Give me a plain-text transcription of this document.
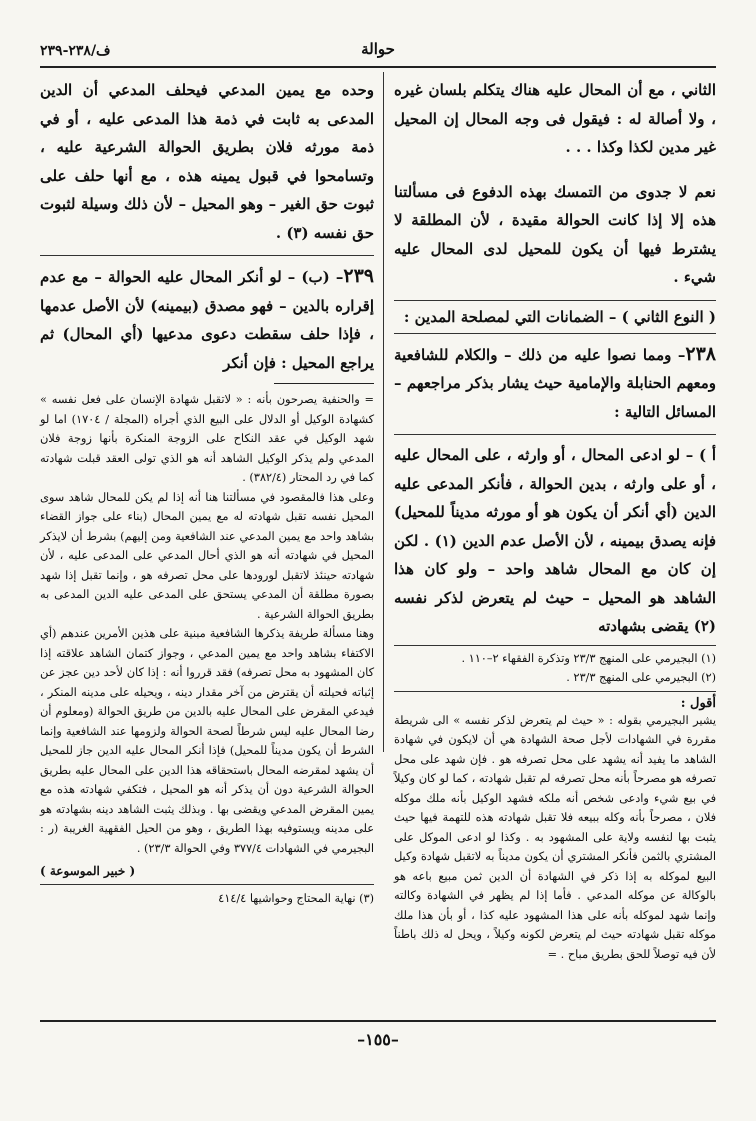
حوالة
ف/٢٣٨-٢٣٩

الثاني ، مع أن المحال عليه هناك يتكلم بلسان غيره ، ولا أصالة له : فيقول فى وجه المحال إن المحيل غير مدين لكذا وكذا . . .

نعم لا جدوى من التمسك بهذه الدفوع فى مسألتنا هذه إلا إذا كانت الحوالة مقيدة ، لأن المطلقة لا يشترط فيها أن يكون للمحيل لدى المحال عليه شيء .

( النوع الثاني ) – الضمانات التي لمصلحة المدين :

٢٣٨– ومما نصوا عليه من ذلك – والكلام للشافعية ومعهم الحنابلة والإمامية حيث يشار بذكر مراجعهم – المسائل التالية :

أ ) – لو ادعى المحال ، أو وارثه ، على المحال عليه ، أو على وارثه ، بدين الحوالة ، فأنكر المدعى عليه الدين (أي أنكر أن يكون هو أو مورثه مديناً للمحيل) فإنه يصدق بيمينه ، لأن الأصل عدم الدين (١) . لكن إن كان مع المحال شاهد واحد – ولو كان هذا الشاهد هو المحيل – حيث لم يتعرض لذكر نفسه (٢) يقضى بشهادته

(١) البجيرمي على المنهج ٢٣/٣ وتذكرة الفقهاء ٢–١١٠ .

(٢) البجيرمي على المنهج ٢٣/٣ .

أقول :

يشير البجيرمي بقوله : « حيث لم يتعرض لذكر نفسه » الى شريطة مقررة في الشهادات لأجل صحة الشهادة هي أن لايكون في شهادة الشاهد ما يفيد أنه يشهد على محل تصرفه هو . فإن شهد على محل تصرفه هو مصرحاً بأنه محل تصرفه لم تقبل شهادته ، كما لو كان وكيلاً في بيع شيء وادعى شخص أنه ملكه فشهد الوكيل بأنه ملك موكله فلان ، مصرحاً بأنه وكله ببيعه فلا تقبل شهادته هذه للتهمة فيها حيث يثبت بها لنفسه ولاية على المشهود به . وكذا لو ادعى الموكل على المشتري بالثمن فأنكر المشتري أن يكون مديناً به لاتقبل شهادة وكيل البيع لموكله به إذا ذكر في الشهادة أن الدين ثمن مبيع باعه هو بالوكالة عن موكله المدعي . فأما إذا لم يظهر في الشهادة وكالته وإنما شهد لموكله بأنه على هذا المشهود عليه كذا ، أو بأن هذا ملك موكله تقبل شهادته حيث لم يتعرض لكونه وكيلاً ، ويحل له ذلك باطناً لأن فيه توصلاً للحق بطريق مباح . =

وحده مع يمين المدعي فيحلف المدعي أن الدين المدعى به ثابت في ذمة هذا المدعى عليه ، أو في ذمة مورثه فلان بطريق الحوالة الشرعية عليه ، وتسامحوا في قبول يمينه هذه ، مع أنها حلف على ثبوت حق الغير – وهو المحيل – لأن ذلك وسيلة لثبوت حق نفسه (٣) .

٢٣٩– (ب) – لو أنكر المحال عليه الحوالة – مع عدم إقراره بالدين – فهو مصدق (بيمينه) لأن الأصل عدمها ، فإذا حلف سقطت دعوى مدعيها (أي المحال) ثم يراجع المحيل : فإن أنكر

= والحنفية يصرحون بأنه : « لاتقبل شهادة الإنسان على فعل نفسه » كشهادة الوكيل أو الدلال على البيع الذي أجراه (المجلة / ١٧٠٤) اما لو شهد الوكيل في عقد النكاح على الزوجة المنكرة بأنها زوجة فلان المدعي ولم يذكر الوكيل الشاهد أنه هو الذي تولى العقد قبلت شهادته كما في رد المحتار (٣٨٢/٤) .

وعلى هذا فالمقصود في مسألتنا هنا أنه إذا لم يكن للمحال شاهد سوى المحيل نفسه تقبل شهادته له مع يمين المحال (بناء على جواز القضاء بشاهد واحد مع يمين المدعي عند الشافعية ومن إليهم) بشرط أن لايذكر المحيل في شهادته أنه هو الذي أحال المدعي على المدعى عليه ، لأن شهادته حينئذ لاتقبل لورودها على محل تصرفه هو ، وإنما تقبل إذا شهد بصورة مطلقة أن المدعي يستحق على المدعى عليه الدين المدعى به بطريق الحوالة الشرعية .

وهنا مسألة طريفة يذكرها الشافعية مبنية على هذين الأمرين عندهم (أي الاكتفاء بشاهد واحد مع يمين المدعي ، وجواز كتمان الشاهد علاقته إذا كان المشهود به محل تصرفه) فقد قرروا أنه : إذا كان لأحد دين عجز عن إثباته فحيلته أن يقترض من آخر مقدار دينه ، ويحيله على مدينه المنكر ، فيدعي المقرض على المحال عليه بالدين من طريق الحوالة (ومعلوم أن رضا المحال عليه ليس شرطاً لصحة الحوالة ولزومها عند الشافعية وإنما الشرط أن يكون مديناً للمحيل) فإذا أنكر المحال عليه الدين جاز للمحيل أن يشهد لمقرضه المحال باستحقاقه هذا الدين على المحال عليه بطريق الحوالة الشرعية دون أن يذكر أنه هو المحيل ، فتكفي شهادته هذه مع يمين المقرض المدعي ويقضى بها . وبذلك يثبت الشاهد دينه بشهادته هو على مدينه ويستوفيه بهذا الطريق ، وهو من الحيل الفقهية الغريبة (ر : البجيرمي في الشهادات ٣٧٧/٤ وفي الحوالة ٢٣/٣) .

( خبير الموسوعة )

(٣) نهاية المحتاج وحواشيها ٤١٤/٤

–١٥٥–
